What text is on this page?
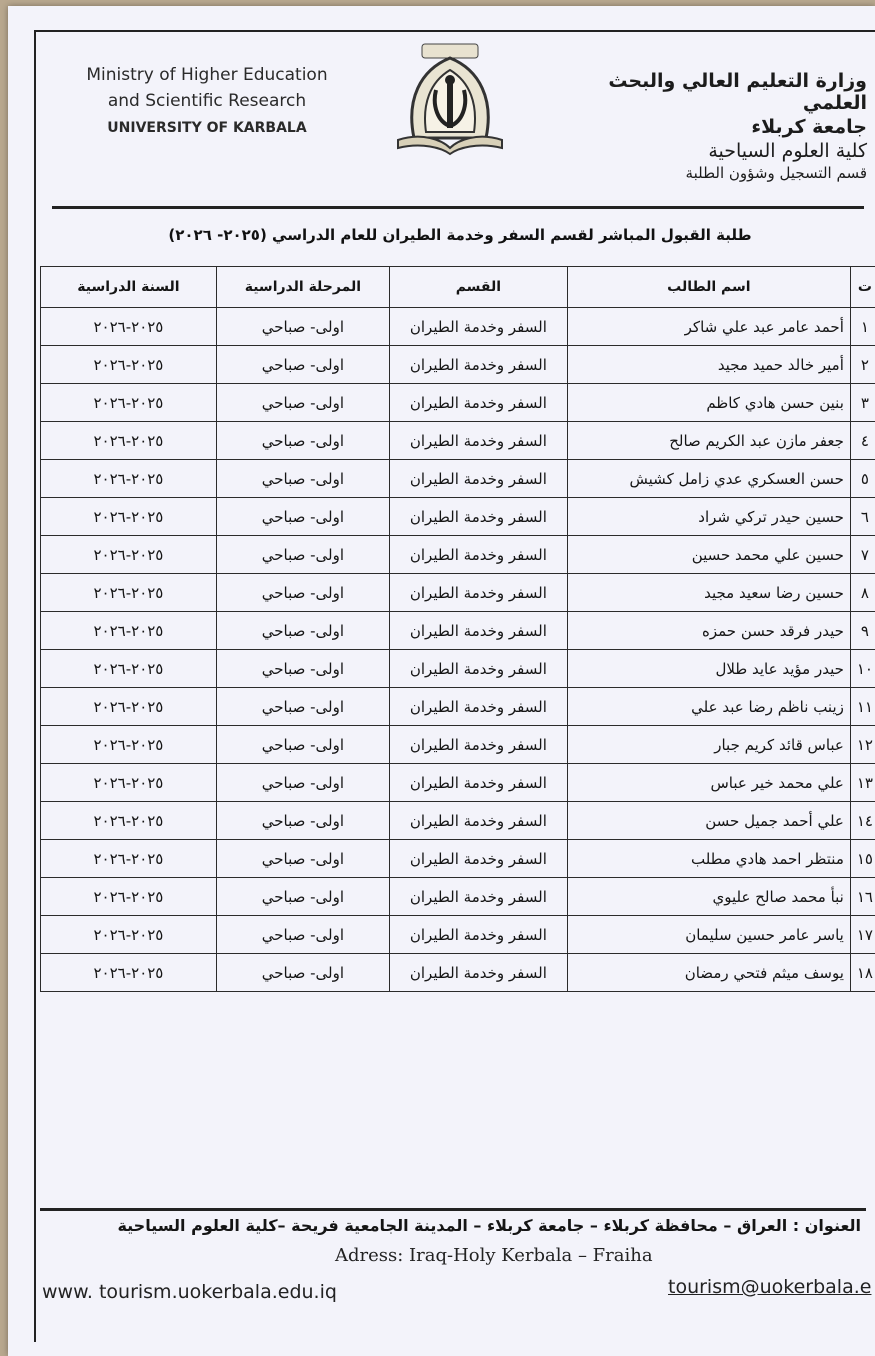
Ministry of Higher Education
and Scientific Research
UNIVERSITY OF KARBALA
وزارة التعليم العالي والبحث العلمي
جامعة كربلاء
كلية العلوم السياحية
قسم التسجيل وشؤون الطلبة
طلبة القبول المباشر لقسم السفر وخدمة الطيران للعام الدراسي (٢٠٢٥- ٢٠٢٦)
ت	اسم الطالب	القسم	المرحلة الدراسية	السنة الدراسية
١	أحمد عامر عبد علي شاكر	السفر وخدمة الطيران	اولى- صباحي	٢٠٢٥-٢٠٢٦
٢	أمير خالد حميد مجيد	السفر وخدمة الطيران	اولى- صباحي	٢٠٢٥-٢٠٢٦
٣	بنين حسن هادي كاظم	السفر وخدمة الطيران	اولى- صباحي	٢٠٢٥-٢٠٢٦
٤	جعفر مازن عبد الكريم صالح	السفر وخدمة الطيران	اولى- صباحي	٢٠٢٥-٢٠٢٦
٥	حسن العسكري عدي زامل كشيش	السفر وخدمة الطيران	اولى- صباحي	٢٠٢٥-٢٠٢٦
٦	حسين حيدر تركي شراد	السفر وخدمة الطيران	اولى- صباحي	٢٠٢٥-٢٠٢٦
٧	حسين علي محمد حسين	السفر وخدمة الطيران	اولى- صباحي	٢٠٢٥-٢٠٢٦
٨	حسين رضا سعيد مجيد	السفر وخدمة الطيران	اولى- صباحي	٢٠٢٥-٢٠٢٦
٩	حيدر فرقد حسن حمزه	السفر وخدمة الطيران	اولى- صباحي	٢٠٢٥-٢٠٢٦
١٠	حيدر مؤيد عايد طلال	السفر وخدمة الطيران	اولى- صباحي	٢٠٢٥-٢٠٢٦
١١	زينب ناظم رضا عبد علي	السفر وخدمة الطيران	اولى- صباحي	٢٠٢٥-٢٠٢٦
١٢	عباس قائد كريم جبار	السفر وخدمة الطيران	اولى- صباحي	٢٠٢٥-٢٠٢٦
١٣	علي محمد خير عباس	السفر وخدمة الطيران	اولى- صباحي	٢٠٢٥-٢٠٢٦
١٤	علي أحمد جميل حسن	السفر وخدمة الطيران	اولى- صباحي	٢٠٢٥-٢٠٢٦
١٥	منتظر احمد هادي مطلب	السفر وخدمة الطيران	اولى- صباحي	٢٠٢٥-٢٠٢٦
١٦	نبأ محمد صالح عليوي	السفر وخدمة الطيران	اولى- صباحي	٢٠٢٥-٢٠٢٦
١٧	ياسر عامر حسين سليمان	السفر وخدمة الطيران	اولى- صباحي	٢٠٢٥-٢٠٢٦
١٨	يوسف ميثم فتحي رمضان	السفر وخدمة الطيران	اولى- صباحي	٢٠٢٥-٢٠٢٦
العنوان : العراق – محافظة كربلاء – جامعة كربلاء – المدينة الجامعية فريحة –كلية العلوم السياحية
Adress: Iraq-Holy Kerbala – Fraiha
www. tourism.uokerbala.edu.iq	tourism@uokerbala.e
